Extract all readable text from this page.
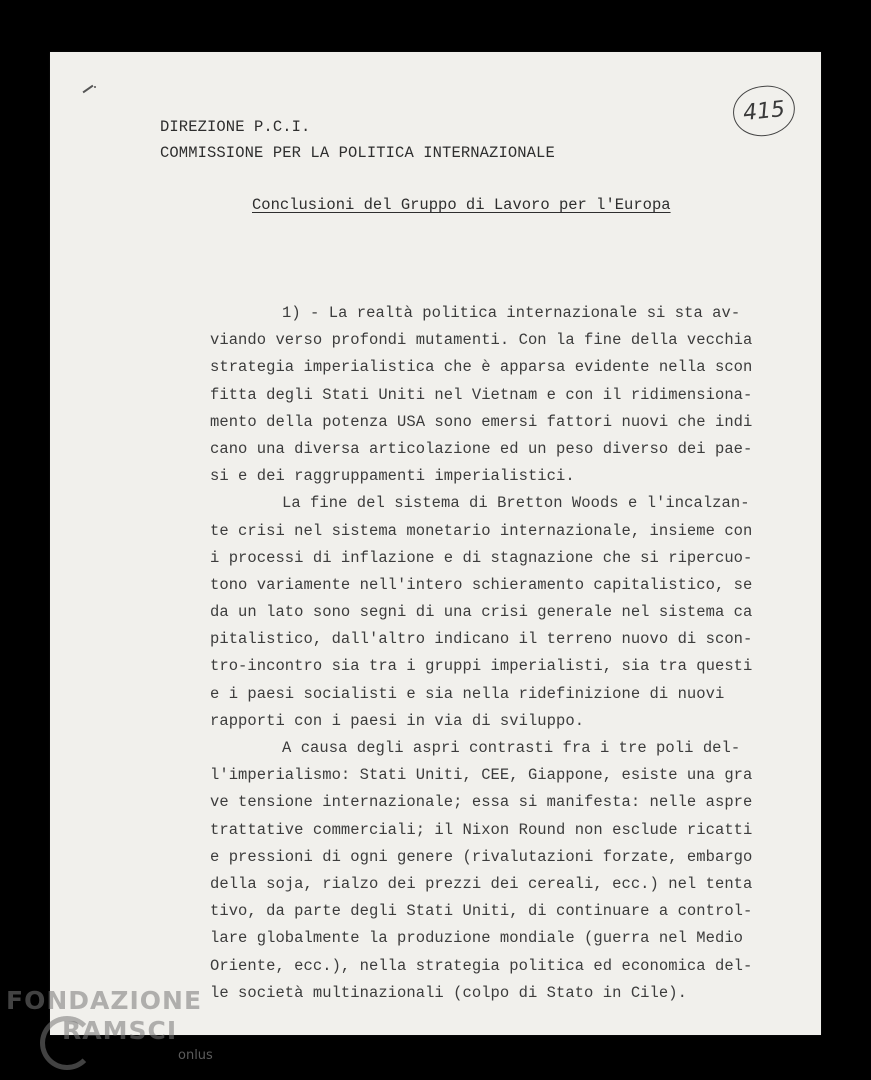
415
DIREZIONE P.C.I.
COMMISSIONE PER LA POLITICA INTERNAZIONALE
Conclusioni del Gruppo di Lavoro per l'Europa
1) - La realtà politica internazionale si sta av-
viando verso profondi mutamenti. Con la fine della vecchia
strategia imperialistica che è apparsa evidente nella scon
fitta degli Stati Uniti nel Vietnam e con il ridimensiona-
mento della potenza USA sono emersi fattori nuovi che indi
cano una diversa articolazione ed un peso diverso dei pae-
si e dei raggruppamenti imperialistici.
La fine del sistema di Bretton Woods e l'incalzan-
te crisi nel sistema monetario internazionale, insieme con
i processi di inflazione e di stagnazione che si ripercuo-
tono variamente nell'intero schieramento capitalistico, se
da un lato sono segni di una crisi generale nel sistema ca
pitalistico, dall'altro indicano il terreno nuovo di scon-
tro-incontro sia tra i gruppi imperialisti, sia tra questi
e i paesi socialisti e sia nella ridefinizione di nuovi
rapporti con i paesi in via di sviluppo.
A causa degli aspri contrasti fra i tre poli del-
l'imperialismo: Stati Uniti, CEE, Giappone, esiste una gra
ve tensione internazionale; essa si manifesta: nelle aspre
trattative commerciali; il Nixon Round non esclude ricatti
e pressioni di ogni genere (rivalutazioni forzate, embargo
della soja, rialzo dei prezzi dei cereali, ecc.) nel tenta
tivo, da parte degli Stati Uniti, di continuare a control-
lare globalmente la produzione mondiale (guerra nel Medio
Oriente, ecc.), nella strategia politica ed economica del-
le società multinazionali (colpo di Stato in Cile).
FONDAZIONE
RAMSCI
onlus
